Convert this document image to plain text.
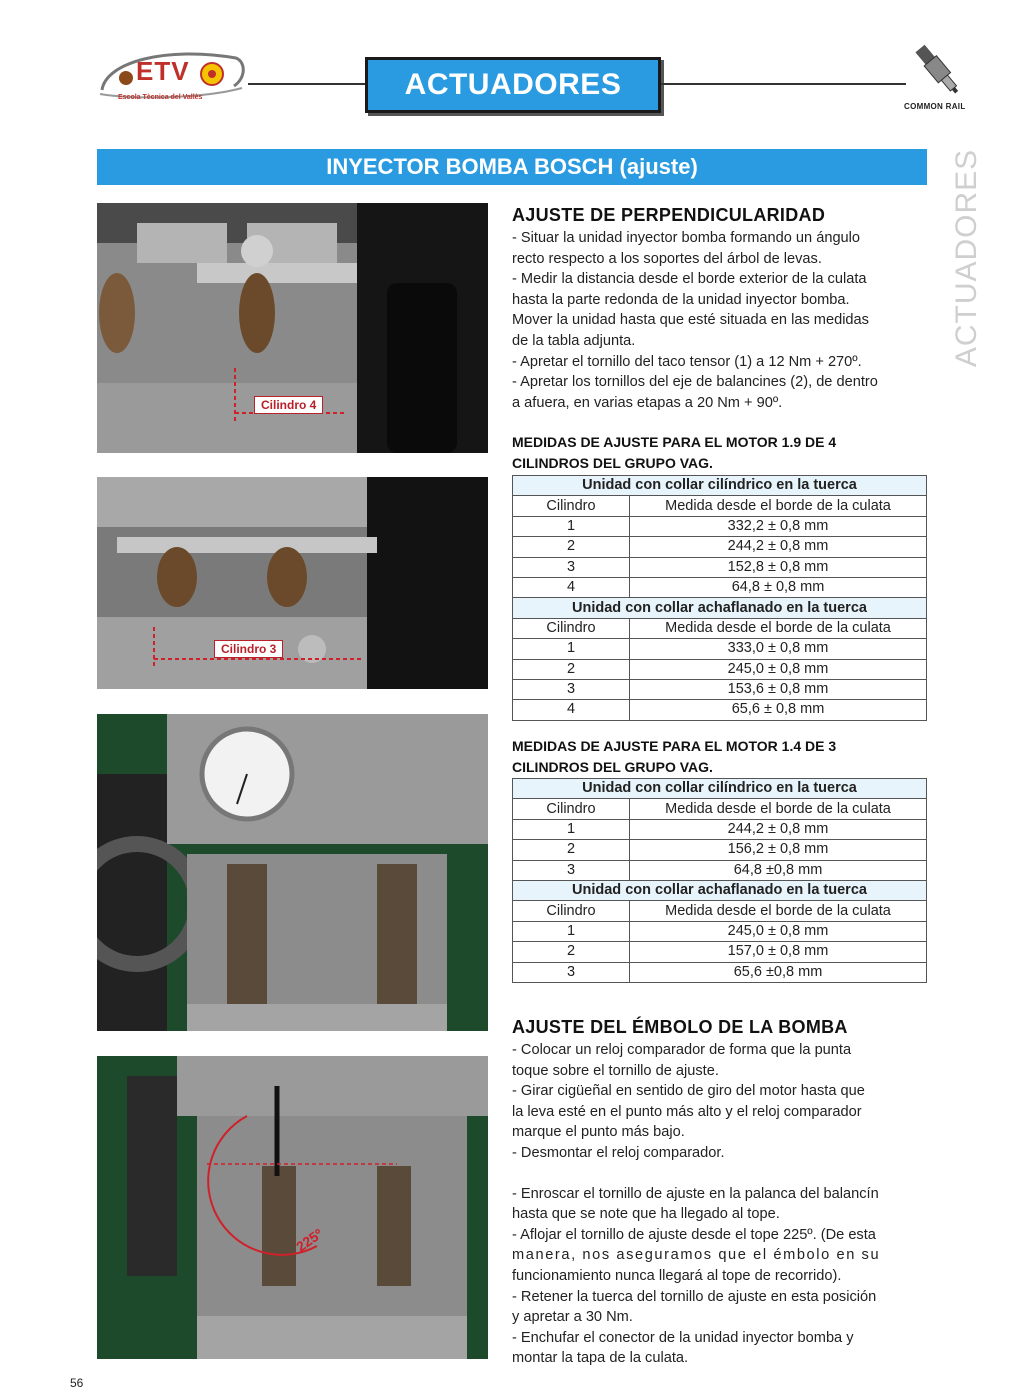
ETV
Escola Tècnica del Vallès	ACTUADORES
COMMON RAIL
INYECTOR BOMBA BOSCH (ajuste)	ACTUADORES
Cilindro 4
Cilindro 3
225º
AJUSTE DE PERPENDICULARIDAD
- Situar la unidad inyector bomba formando un ángulo
recto respecto a los soportes del árbol de levas.
- Medir la distancia desde el borde exterior de la culata
hasta la parte redonda de la unidad inyector bomba.
Mover la unidad hasta que esté situada en las medidas
de la tabla adjunta.
- Apretar el tornillo del taco tensor (1) a 12 Nm + 270º.
- Apretar los tornillos del eje de balancines (2), de dentro
a afuera, en varias etapas a 20 Nm + 90º.
MEDIDAS DE AJUSTE PARA EL MOTOR 1.9 DE 4
CILINDROS DEL GRUPO VAG.
Unidad con collar cilíndrico en la tuerca	
Cilindro	Medida desde el borde de la culata
1	332,2 ± 0,8 mm
2	244,2 ± 0,8 mm
3	152,8 ± 0,8 mm
4	64,8 ± 0,8 mm
Unidad con collar achaflanado en la tuerca	
Cilindro	Medida desde el borde de la culata
1	333,0 ± 0,8 mm
2	245,0 ± 0,8 mm
3	153,6 ± 0,8 mm
4	65,6 ± 0,8 mm
MEDIDAS DE AJUSTE PARA EL MOTOR 1.4 DE 3
CILINDROS DEL GRUPO VAG.
Unidad con collar cilíndrico en la tuerca	
Cilindro	Medida desde el borde de la culata
1	244,2 ± 0,8 mm
2	156,2 ± 0,8 mm
3	64,8 ±0,8 mm
Unidad con collar achaflanado en la tuerca	
Cilindro	Medida desde el borde de la culata
1	245,0 ± 0,8 mm
2	157,0 ± 0,8 mm
3	65,6 ±0,8 mm
AJUSTE DEL ÉMBOLO DE LA BOMBA
- Colocar un reloj comparador de forma que la punta
toque sobre el tornillo de ajuste.
- Girar cigüeñal en sentido de giro del motor hasta que
la leva esté en el punto más alto y el reloj comparador
marque el punto más bajo.
- Desmontar el reloj comparador.
- Enroscar el tornillo de ajuste en la palanca del balancín
hasta que se note que ha llegado al tope.
- Aflojar el tornillo de ajuste desde el tope 225º. (De esta
manera, nos aseguramos que el émbolo en su
funcionamiento nunca llegará al tope de recorrido).
- Retener la tuerca del tornillo de ajuste en esta posición
y apretar a 30 Nm.
- Enchufar el conector de la unidad inyector bomba y
montar la tapa de la culata.
56
